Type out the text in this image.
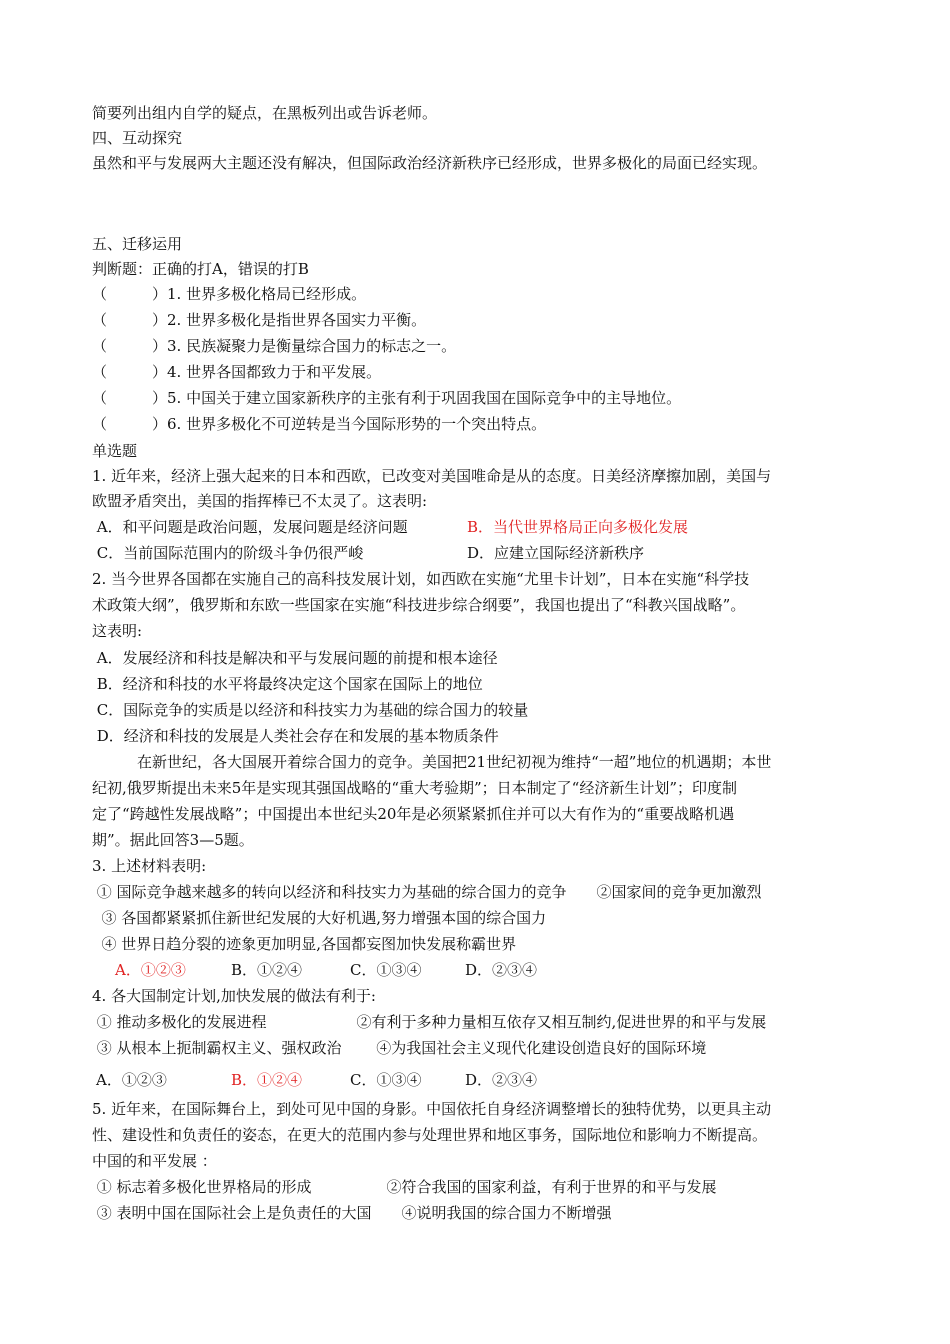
简要列出组内自学的疑点，在黑板列出或告诉老师。
四、互动探究
虽然和平与发展两大主题还没有解决，但国际政治经济新秩序已经形成，世界多极化的局面已经实现。
五、迁移运用
判断题：正确的打A，错误的打B
（　　　）1. 世界多极化格局已经形成。
（　　　）2. 世界多极化是指世界各国实力平衡。
（　　　）3. 民族凝聚力是衡量综合国力的标志之一。
（　　　）4. 世界各国都致力于和平发展。
（　　　）5. 中国关于建立国家新秩序的主张有利于巩固我国在国际竞争中的主导地位。
（　　　）6. 世界多极化不可逆转是当今国际形势的一个突出特点。
单选题
1. 近年来，经济上强大起来的日本和西欧，已改变对美国唯命是从的态度。日美经济摩擦加剧，美国与
欧盟矛盾突出，美国的指挥棒已不太灵了。这表明:
A．和平问题是政治问题，发展问题是经济问题	B．当代世界格局正向多极化发展
C．当前国际范围内的阶级斗争仍很严峻	D．应建立国际经济新秩序
2. 当今世界各国都在实施自己的高科技发展计划，如西欧在实施“尤里卡计划”，日本在实施“科学技
术政策大纲”，俄罗斯和东欧一些国家在实施“科技进步综合纲要”，我国也提出了“科教兴国战略”。
这表明:
A．发展经济和科技是解决和平与发展问题的前提和根本途径
B．经济和科技的水平将最终决定这个国家在国际上的地位
C．国际竞争的实质是以经济和科技实力为基础的综合国力的较量
D．经济和科技的发展是人类社会存在和发展的基本物质条件
　　　在新世纪，各大国展开着综合国力的竞争。美国把21世纪初视为维持“一超”地位的机遇期；本世
纪初,俄罗斯提出未来5年是实现其强国战略的“重大考验期”；日本制定了“经济新生计划”；印度制
定了“跨越性发展战略”；中国提出本世纪头20年是必须紧紧抓住并可以大有作为的“重要战略机遇
期”。据此回答3—5题。
3. 上述材料表明:
① 国际竞争越来越多的转向以经济和科技实力为基础的综合国力的竞争　　②国家间的竞争更加激烈
③ 各国都紧紧抓住新世纪发展的大好机遇,努力增强本国的综合国力
④ 世界日趋分裂的迹象更加明显,各国都妄图加快发展称霸世界
A．①②③	B．①②④	C．①③④	D．②③④
4. 各大国制定计划,加快发展的做法有利于:
① 推动多极化的发展进程　　　　　　②有利于多种力量相互依存又相互制约,促进世界的和平与发展
③ 从根本上扼制霸权主义、强权政治　　 ④为我国社会主义现代化建设创造良好的国际环境
A．①②③	B．①②④	C．①③④	D．②③④
5. 近年来，在国际舞台上，到处可见中国的身影。中国依托自身经济调整增长的独特优势，以更具主动
性、建设性和负责任的姿态，在更大的范围内参与处理世界和地区事务，国际地位和影响力不断提高。
中国的和平发展 ：
① 标志着多极化世界格局的形成　　　　　②符合我国的国家利益，有利于世界的和平与发展
③ 表明中国在国际社会上是负责任的大国　　④说明我国的综合国力不断增强
